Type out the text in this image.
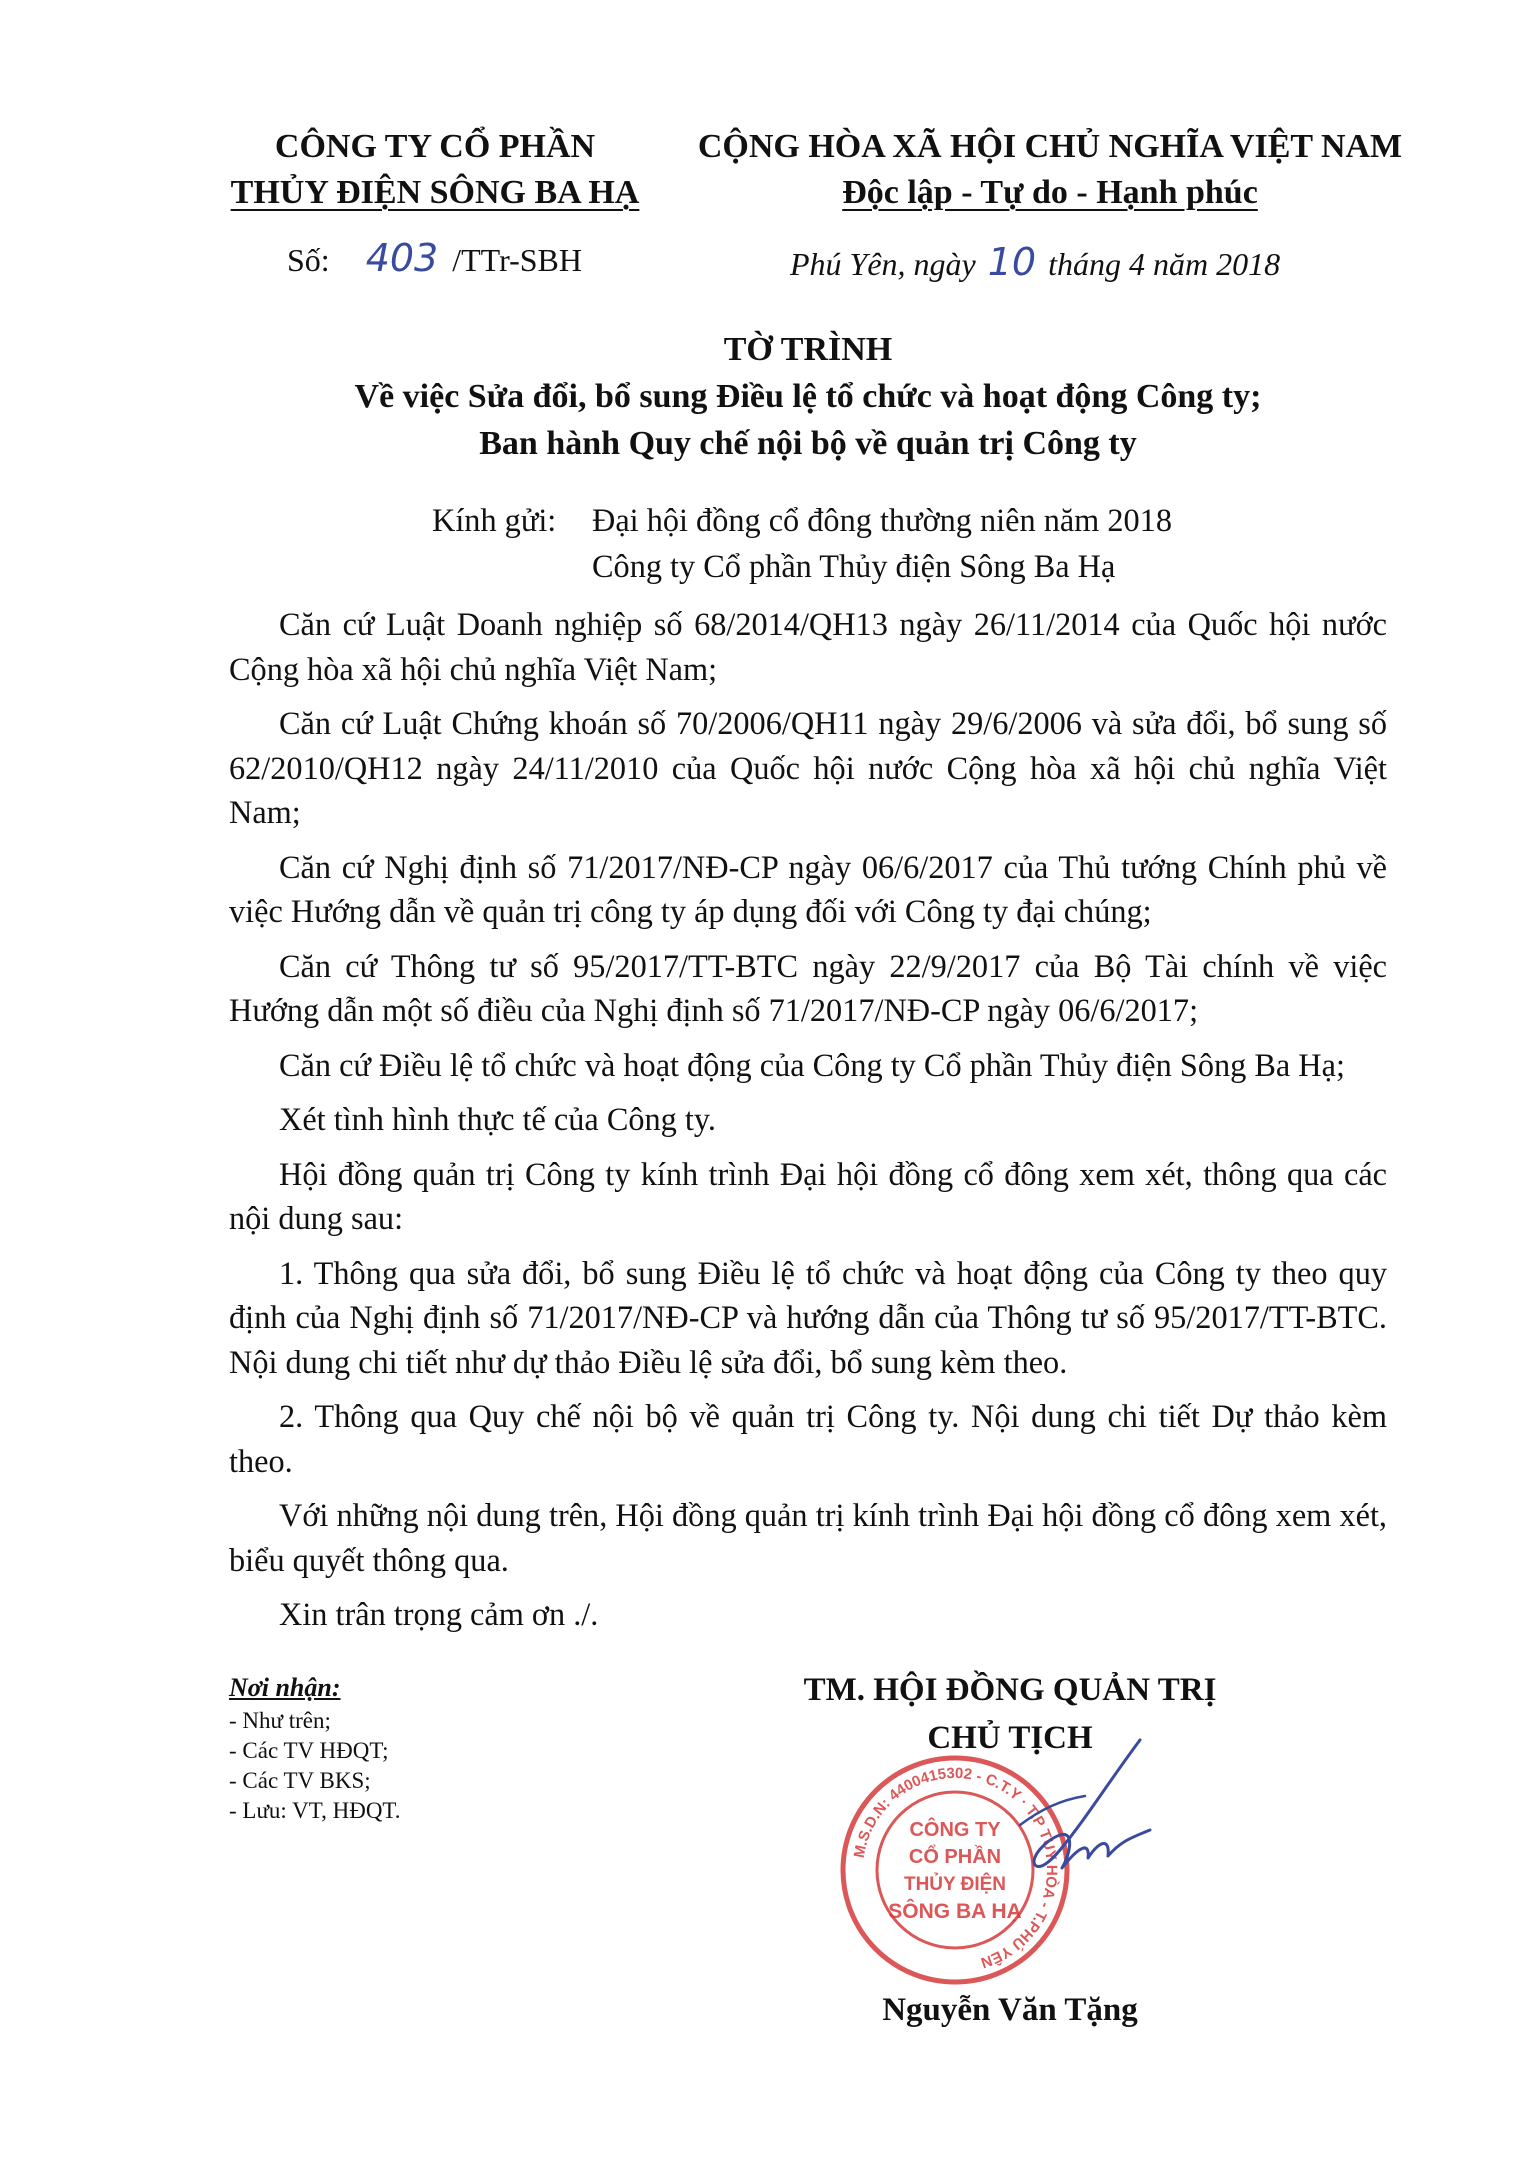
CÔNG TY CỔ PHẦN
THỦY ĐIỆN SÔNG BA HẠ
CỘNG HÒA XÃ HỘI CHỦ NGHĨA VIỆT NAM
Độc lập - Tự do - Hạnh phúc
Số: 403 /TTr-SBH	Phú Yên, ngày 10 tháng 4 năm 2018
TỜ TRÌNH
Về việc Sửa đổi, bổ sung Điều lệ tổ chức và hoạt động Công ty;
Ban hành Quy chế nội bộ về quản trị Công ty
Kính gửi:	Đại hội đồng cổ đông thường niên năm 2018
Công ty Cổ phần Thủy điện Sông Ba Hạ

Căn cứ Luật Doanh nghiệp số 68/2014/QH13 ngày 26/11/2014 của Quốc hội nước Cộng hòa xã hội chủ nghĩa Việt Nam;

Căn cứ Luật Chứng khoán số 70/2006/QH11 ngày 29/6/2006 và sửa đổi, bổ sung số 62/2010/QH12 ngày 24/11/2010 của Quốc hội nước Cộng hòa xã hội chủ nghĩa Việt Nam;

Căn cứ Nghị định số 71/2017/NĐ-CP ngày 06/6/2017 của Thủ tướng Chính phủ về việc Hướng dẫn về quản trị công ty áp dụng đối với Công ty đại chúng;

Căn cứ Thông tư số 95/2017/TT-BTC ngày 22/9/2017 của Bộ Tài chính về việc Hướng dẫn một số điều của Nghị định số 71/2017/NĐ-CP ngày 06/6/2017;

Căn cứ Điều lệ tổ chức và hoạt động của Công ty Cổ phần Thủy điện Sông Ba Hạ;

Xét tình hình thực tế của Công ty.

Hội đồng quản trị Công ty kính trình Đại hội đồng cổ đông xem xét, thông qua các nội dung sau:

1. Thông qua sửa đổi, bổ sung Điều lệ tổ chức và hoạt động của Công ty theo quy định của Nghị định số 71/2017/NĐ-CP và hướng dẫn của Thông tư số 95/2017/TT-BTC. Nội dung chi tiết như dự thảo Điều lệ sửa đổi, bổ sung kèm theo.

2. Thông qua Quy chế nội bộ về quản trị Công ty. Nội dung chi tiết Dự thảo kèm theo.

Với những nội dung trên, Hội đồng quản trị kính trình Đại hội đồng cổ đông xem xét, biểu quyết thông qua.

Xin trân trọng cảm ơn ./.

Nơi nhận:
- Như trên;
- Các TV HĐQT;
- Các TV BKS;
- Lưu: VT, HĐQT.
TM. HỘI ĐỒNG QUẢN TRỊ
CHỦ TỊCH
M.S.D.N: 4400415302 - C.T.Y · T.P TUY HÒA - T.PHÚ YÊN
CÔNG TY
CỔ PHẦN
THỦY ĐIỆN
SÔNG BA HẠ
Nguyễn Văn Tặng
